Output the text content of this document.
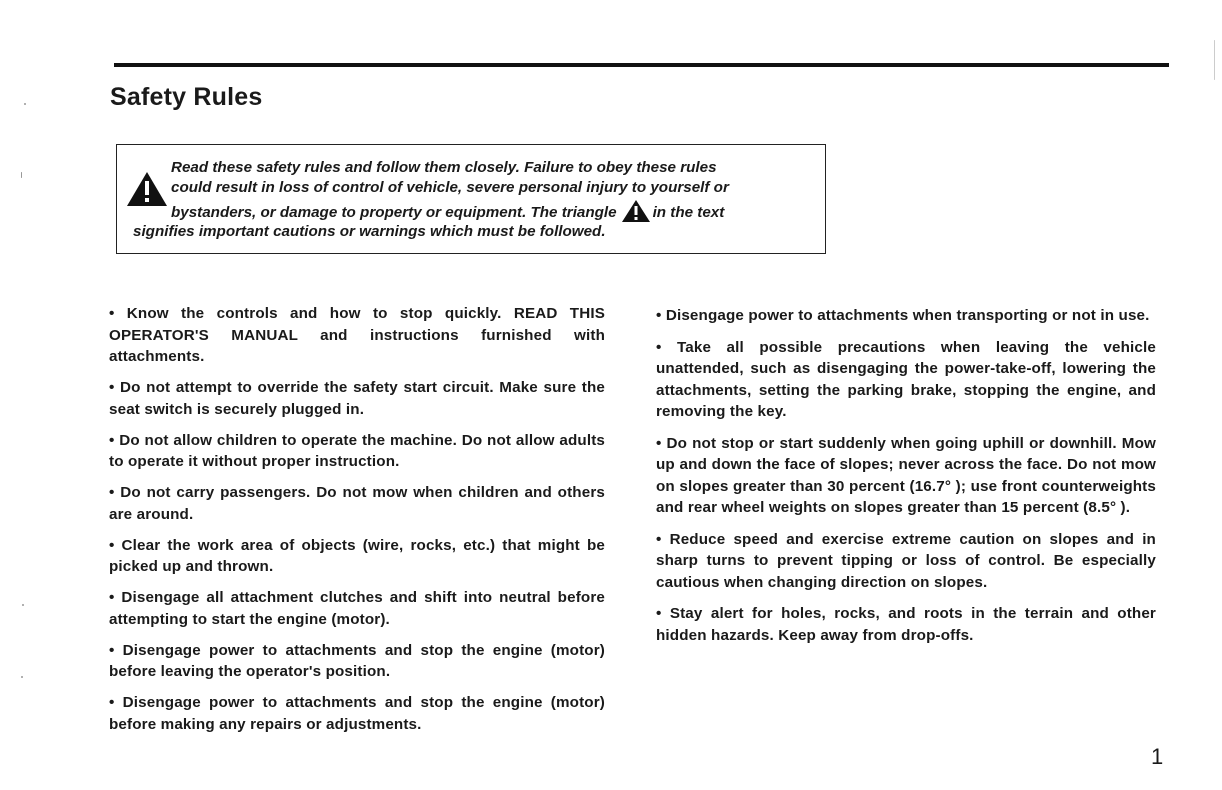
Safety Rules
Read these safety rules and follow them closely. Failure to obey these rules
could result in loss of control of vehicle, severe personal injury to yourself or
bystanders, or damage to property or equipment. The triangle in the text
signifies important cautions or warnings which must be followed.

• Know the controls and how to stop quickly. READ THIS OPERATOR'S MANUAL and instructions furnished with attachments.

• Do not attempt to override the safety start circuit. Make sure the seat switch is securely plugged in.

• Do not allow children to operate the machine. Do not allow adults to operate it without proper instruction.

• Do not carry passengers. Do not mow when children and others are around.

• Clear the work area of objects (wire, rocks, etc.) that might be picked up and thrown.

• Disengage all attachment clutches and shift into neutral before attempting to start the engine (motor).

• Disengage power to attachments and stop the engine (motor) before leaving the operator's position.

• Disengage power to attachments and stop the engine (motor) before making any repairs or adjustments.

• Disengage power to attachments when transporting or not in use.

• Take all possible precautions when leaving the vehicle unattended, such as disengaging the power-take-off, lowering the attachments, setting the parking brake, stopping the engine, and removing the key.

• Do not stop or start suddenly when going uphill or downhill. Mow up and down the face of slopes; never across the face. Do not mow on slopes greater than 30 percent (16.7° ); use front counterweights and rear wheel weights on slopes greater than 15 percent (8.5° ).

• Reduce speed and exercise extreme caution on slopes and in sharp turns to prevent tipping or loss of control. Be especially cautious when changing direction on slopes.

• Stay alert for holes, rocks, and roots in the terrain and other hidden hazards. Keep away from drop-offs.

1
